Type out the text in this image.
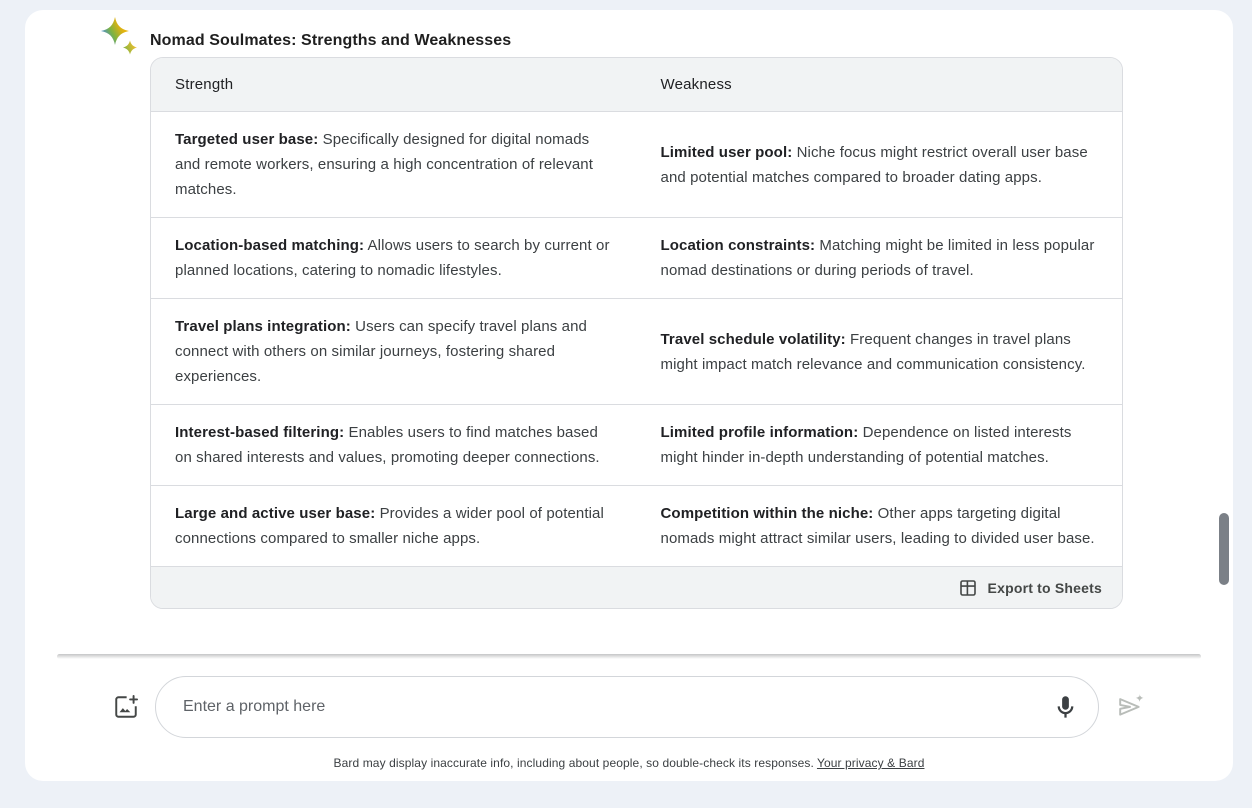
Nomad Soulmates: Strengths and Weaknesses
Strength	Weakness
Targeted user base: Specifically designed for digital nomads and remote workers, ensuring a high concentration of relevant matches.	Limited user pool: Niche focus might restrict overall user base and potential matches compared to broader dating apps.
Location-based matching: Allows users to search by current or planned locations, catering to nomadic lifestyles.	Location constraints: Matching might be limited in less popular nomad destinations or during periods of travel.
Travel plans integration: Users can specify travel plans and connect with others on similar journeys, fostering shared experiences.	Travel schedule volatility: Frequent changes in travel plans might impact match relevance and communication consistency.
Interest-based filtering: Enables users to find matches based on shared interests and values, promoting deeper connections.	Limited profile information: Dependence on listed interests might hinder in-depth understanding of potential matches.
Large and active user base: Provides a wider pool of potential connections compared to smaller niche apps.	Competition within the niche: Other apps targeting digital nomads might attract similar users, leading to divided user base.
Export to Sheets
Enter a prompt here
Bard may display inaccurate info, including about people, so double-check its responses. Your privacy & Bard
